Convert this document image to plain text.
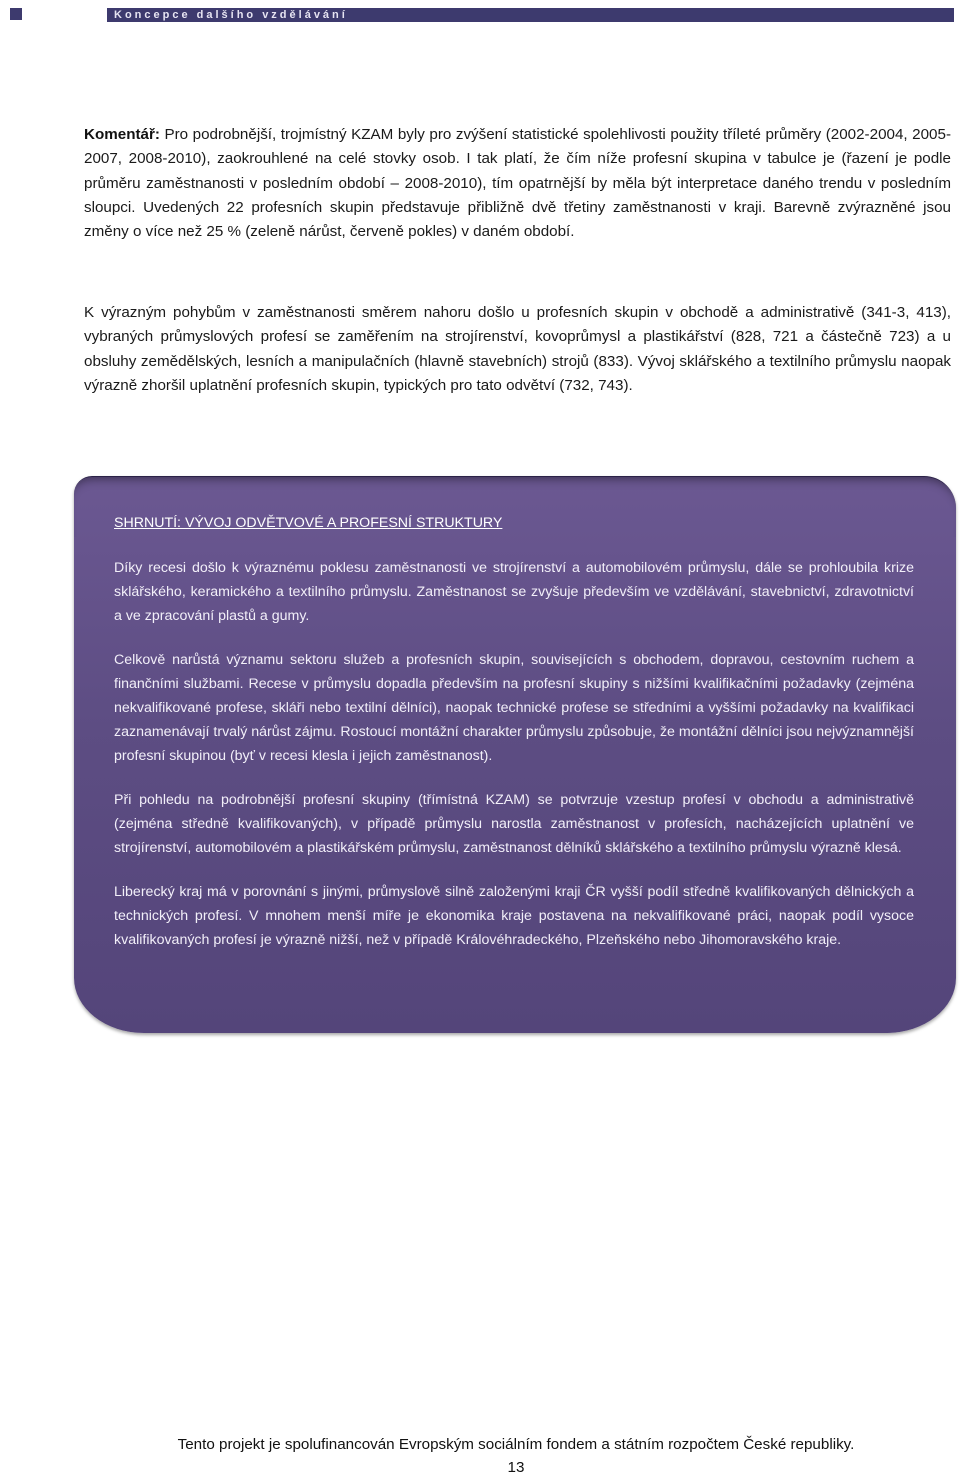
Koncepce dalšího vzdělávání
Komentář: Pro podrobnější, trojmístný KZAM byly pro zvýšení statistické spolehlivosti použity tříleté průměry (2002-2004, 2005-2007, 2008-2010), zaokrouhlené na celé stovky osob. I tak platí, že čím níže profesní skupina v tabulce je (řazení je podle průměru zaměstnanosti v posledním období – 2008-2010), tím opatrnější by měla být interpretace daného trendu v posledním sloupci. Uvedených 22 profesních skupin představuje přibližně dvě třetiny zaměstnanosti v kraji. Barevně zvýrazněné jsou změny o více než 25 % (zeleně nárůst, červeně pokles) v daném období.
K výrazným pohybům v zaměstnanosti směrem nahoru došlo u profesních skupin v obchodě a administrativě (341-3, 413), vybraných průmyslových profesí se zaměřením na strojírenství, kovoprůmysl a plastikářství (828, 721 a částečně 723) a u obsluhy zemědělských, lesních a manipulačních (hlavně stavebních) strojů (833). Vývoj sklářského a textilního průmyslu naopak výrazně zhoršil uplatnění profesních skupin, typických pro tato odvětví (732, 743).
SHRNUTÍ: VÝVOJ ODVĚTVOVÉ A PROFESNÍ STRUKTURY

Díky recesi došlo k výraznému poklesu zaměstnanosti ve strojírenství a automobilovém průmyslu, dále se prohloubila krize sklářského, keramického a textilního průmyslu. Zaměstnanost se zvyšuje především ve vzdělávání, stavebnictví, zdravotnictví a ve zpracování plastů a gumy.

Celkově narůstá významu sektoru služeb a profesních skupin, souvisejících s obchodem, dopravou, cestovním ruchem a finančními službami. Recese v průmyslu dopadla především na profesní skupiny s nižšími kvalifikačními požadavky (zejména nekvalifikované profese, skláři nebo textilní dělníci), naopak technické profese se středními a vyššími požadavky na kvalifikaci zaznamenávají trvalý nárůst zájmu. Rostoucí montážní charakter průmyslu způsobuje, že montážní dělníci jsou nejvýznamnější profesní skupinou (byť v recesi klesla i jejich zaměstnanost).

Při pohledu na podrobnější profesní skupiny (třímístná KZAM) se potvrzuje vzestup profesí v obchodu a administrativě (zejména středně kvalifikovaných), v případě průmyslu narostla zaměstnanost v profesích, nacházejících uplatnění ve strojírenství, automobilovém a plastikářském průmyslu, zaměstnanost dělníků sklářského a textilního průmyslu výrazně klesá.

Liberecký kraj má v porovnání s jinými, průmyslově silně založenými kraji ČR vyšší podíl středně kvalifikovaných dělnických a technických profesí. V mnohem menší míře je ekonomika kraje postavena na nekvalifikované práci, naopak podíl vysoce kvalifikovaných profesí je výrazně nižší, než v případě Královéhradeckého, Plzeňského nebo Jihomoravského kraje.

Tento projekt je spolufinancován Evropským sociálním fondem a státním rozpočtem České republiky.
13
